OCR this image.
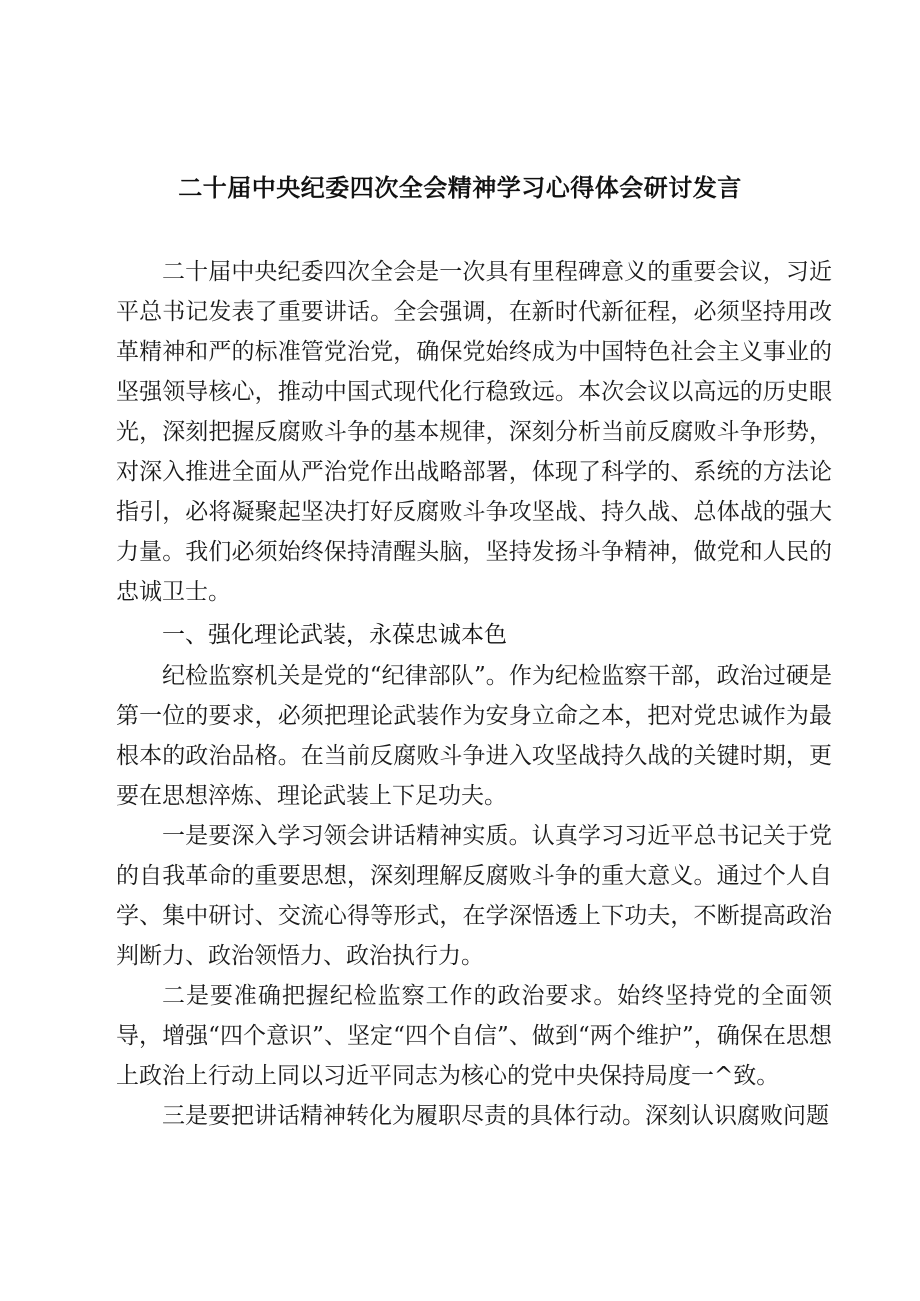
二十届中央纪委四次全会精神学习心得体会研讨发言

二十届中央纪委四次全会是一次具有里程碑意义的重要会议，习近平总书记发表了重要讲话。全会强调，在新时代新征程，必须坚持用改革精神和严的标准管党治党，确保党始终成为中国特色社会主义事业的坚强领导核心，推动中国式现代化行稳致远。本次会议以高远的历史眼光，深刻把握反腐败斗争的基本规律，深刻分析当前反腐败斗争形势，对深入推进全面从严治党作出战略部署，体现了科学的、系统的方法论指引，必将凝聚起坚决打好反腐败斗争攻坚战、持久战、总体战的强大力量。我们必须始终保持清醒头脑，坚持发扬斗争精神，做党和人民的忠诚卫士。

一、强化理论武装，永葆忠诚本色

纪检监察机关是党的“纪律部队”。作为纪检监察干部，政治过硬是第一位的要求，必须把理论武装作为安身立命之本，把对党忠诚作为最根本的政治品格。在当前反腐败斗争进入攻坚战持久战的关键时期，更要在思想淬炼、理论武装上下足功夫。

一是要深入学习领会讲话精神实质。认真学习习近平总书记关于党的自我革命的重要思想，深刻理解反腐败斗争的重大意义。通过个人自学、集中研讨、交流心得等形式，在学深悟透上下功夫，不断提高政治判断力、政治领悟力、政治执行力。

二是要准确把握纪检监察工作的政治要求。始终坚持党的全面领导，增强“四个意识”、坚定“四个自信”、做到“两个维护”，确保在思想上政治上行动上同以习近平同志为核心的党中央保持局度一^致。

三是要把讲话精神转化为履职尽责的具体行动。深刻认识腐败问题
